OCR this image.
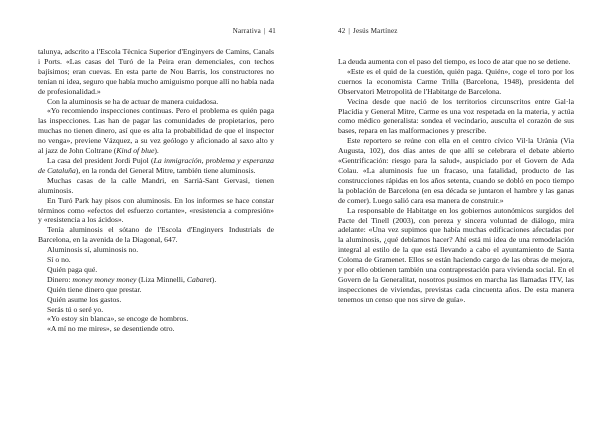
Narrativa | 41

talunya, adscrito a l'Escola Tècnica Superior d'Enginyers de Camins, Canals i Ports. «Las casas del Turó de la Peira eran demenciales, con techos bajísimos; eran cuevas. En esta parte de Nou Barris, los constructores no tenían ni idea, seguro que había mucho amiguismo porque allí no había nada de profesionalidad.»

Con la aluminosis se ha de actuar de manera cuidadosa.

«Yo recomiendo inspecciones continuas. Pero el problema es quién paga las inspecciones. Las han de pagar las comunidades de propietarios, pero muchas no tienen dinero, así que es alta la probabilidad de que el inspector no venga», previene Vázquez, a su vez geólogo y aficionado al saxo alto y al jazz de John Coltrane (Kind of blue).

La casa del president Jordi Pujol (La inmigración, problema y esperanza de Cataluña), en la ronda del General Mitre, también tiene aluminosis.

Muchas casas de la calle Mandri, en Sarrià-Sant Gervasi, tienen aluminosis.

En Turó Park hay pisos con aluminosis. En los informes se hace constar términos como «efectos del esfuerzo cortante», «resistencia a compresión» y «resistencia a los ácidos».

Tenía aluminosis el sótano de l'Escola d'Enginyers Industrials de Barcelona, en la avenida de la Diagonal, 647.

Aluminosis sí, aluminosis no.

Sí o no.

Quién paga qué.

Dinero: money money money (Liza Minnelli, Cabaret).

Quién tiene dinero que prestar.

Quién asume los gastos.

Serás tú o seré yo.

«Yo estoy sin blanca», se encoge de hombros.

«A mí no me mires», se desentiende otro.

42 | Jesús Martínez

La deuda aumenta con el paso del tiempo, es loco de atar que no se detiene.

«Este es el quid de la cuestión, quién paga. Quién», coge el toro por los cuernos la economista Carme Trilla (Barcelona, 1948), presidenta del Observatori Metropolità de l'Habitatge de Barcelona.

Vecina desde que nació de los territorios circunscritos entre Gal·la Placídia y General Mitre, Carme es una voz respetada en la materia, y actúa como médico generalista: sondea el vecindario, ausculta el corazón de sus bases, repara en las malformaciones y prescribe.

Este reportero se reúne con ella en el centro cívico Vil·la Urània (Via Augusta, 102), dos días antes de que allí se celebrara el debate abierto «Gentrificación: riesgo para la salud», auspiciado por el Govern de Ada Colau. «La aluminosis fue un fracaso, una fatalidad, producto de las construcciones rápidas en los años setenta, cuando se dobló en poco tiempo la población de Barcelona (en esa década se juntaron el hambre y las ganas de comer). Luego salió cara esa manera de construir.»

La responsable de Habitatge en los gobiernos autonómicos surgidos del Pacte del Tinell (2003), con pereza y sincera voluntad de diálogo, mira adelante: «Una vez supimos que había muchas edificaciones afectadas por la aluminosis, ¿qué debíamos hacer? Ahí está mi idea de una remodelación integral al estilo de la que está llevando a cabo el ayuntamiento de Santa Coloma de Gramenet. Ellos se están haciendo cargo de las obras de mejora, y por ello obtienen también una contraprestación para vivienda social. En el Govern de la Generalitat, nosotros pusimos en marcha las llamadas ITV, las inspecciones de viviendas, previstas cada cincuenta años. De esta manera tenemos un censo que nos sirve de guía».
